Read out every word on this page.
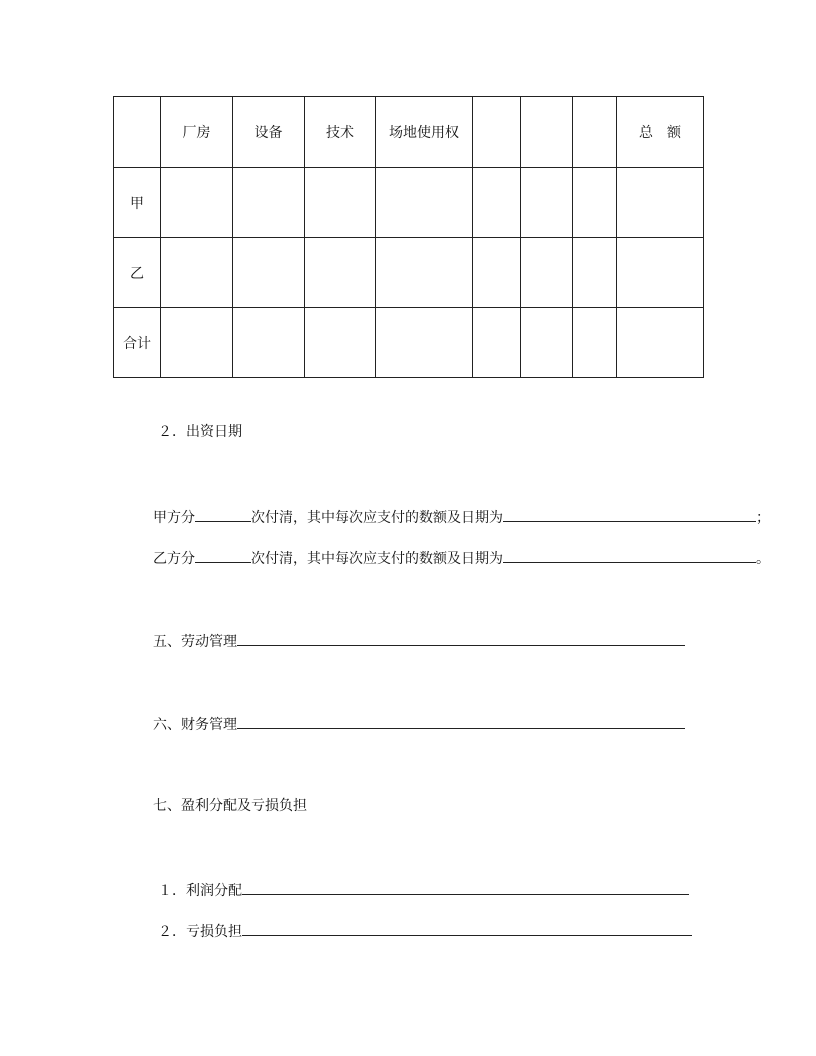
	厂房	设备	技术	场地使用权				总　额
甲								
乙								
合计								
２．出资日期
甲方分	次付清，其中每次应支付的数额及日期为	；
乙方分	次付清，其中每次应支付的数额及日期为	。
五、劳动管理
六、财务管理
七、盈利分配及亏损负担
１．利润分配
２．亏损负担
